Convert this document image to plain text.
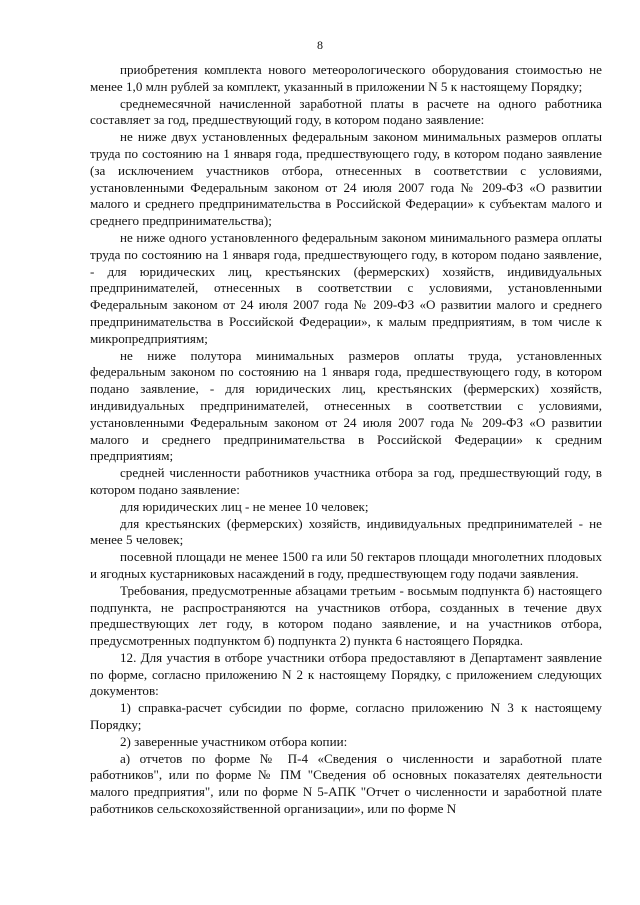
8

приобретения комплекта нового метеорологического оборудования стоимостью не менее 1,0 млн рублей за комплект, указанный в приложении N 5 к настоящему Порядку;

среднемесячной начисленной заработной платы в расчете на одного работника составляет за год, предшествующий году, в котором подано заявление:

не ниже двух установленных федеральным законом минимальных размеров оплаты труда по состоянию на 1 января года, предшествующего году, в котором подано заявление (за исключением участников отбора, отнесенных в соответствии с условиями, установленными Федеральным законом от 24 июля 2007 года № 209-ФЗ «О развитии малого и среднего предпринимательства в Российской Федерации» к субъектам малого и среднего предпринимательства);

не ниже одного установленного федеральным законом минимального размера оплаты труда по состоянию на 1 января года, предшествующего году, в котором подано заявление, - для юридических лиц, крестьянских (фермерских) хозяйств, индивидуальных предпринимателей, отнесенных в соответствии с условиями, установленными Федеральным законом от 24 июля 2007 года № 209-ФЗ «О развитии малого и среднего предпринимательства в Российской Федерации», к малым предприятиям, в том числе к микропредприятиям;

не ниже полутора минимальных размеров оплаты труда, установленных федеральным законом по состоянию на 1 января года, предшествующего году, в котором подано заявление, - для юридических лиц, крестьянских (фермерских) хозяйств, индивидуальных предпринимателей, отнесенных в соответствии с условиями, установленными Федеральным законом от 24 июля 2007 года № 209-ФЗ «О развитии малого и среднего предпринимательства в Российской Федерации» к средним предприятиям;

средней численности работников участника отбора за год, предшествующий году, в котором подано заявление:

для юридических лиц - не менее 10 человек;

для крестьянских (фермерских) хозяйств, индивидуальных предпринимателей - не менее 5 человек;

посевной площади не менее 1500 га или 50 гектаров площади многолетних плодовых и ягодных кустарниковых насаждений в году, предшествующем году подачи заявления.

Требования, предусмотренные абзацами третьим - восьмым подпункта б) настоящего подпункта, не распространяются на участников отбора, созданных в течение двух предшествующих лет году, в котором подано заявление, и на участников отбора, предусмотренных подпунктом б) подпункта 2) пункта 6 настоящего Порядка.

12. Для участия в отборе участники отбора предоставляют в Департамент заявление по форме, согласно приложению N 2 к настоящему Порядку, с приложением следующих документов:

1) справка-расчет субсидии по форме, согласно приложению N 3 к настоящему Порядку;

2) заверенные участником отбора копии:

а) отчетов по форме № П-4 «Сведения о численности и заработной плате работников", или по форме № ПМ "Сведения об основных показателях деятельности малого предприятия", или по форме N 5-АПК "Отчет о численности и заработной плате работников сельскохозяйственной организации», или по форме N
